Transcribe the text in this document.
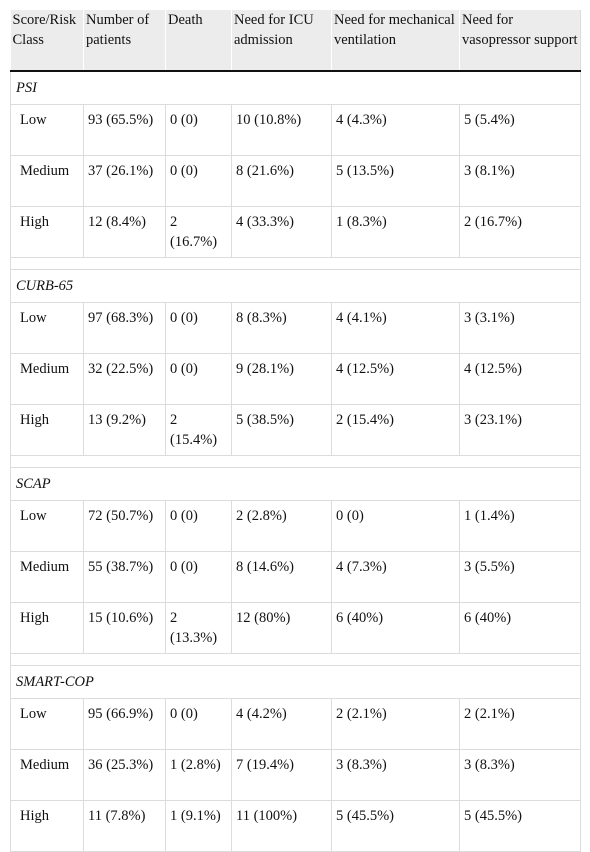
Score/Risk Class	Number of patients	Death	Need for ICU admission	Need for mechanical ventilation	Need for vasopressor support
PSI					
Low	93 (65.5%)	0 (0)	10 (10.8%)	4 (4.3%)	5 (5.4%)
Medium	37 (26.1%)	0 (0)	8 (21.6%)	5 (13.5%)	3 (8.1%)
High	12 (8.4%)	2 (16.7%)	4 (33.3%)	1 (8.3%)	2 (16.7%)

CURB-65					
Low	97 (68.3%)	0 (0)	8 (8.3%)	4 (4.1%)	3 (3.1%)
Medium	32 (22.5%)	0 (0)	9 (28.1%)	4 (12.5%)	4 (12.5%)
High	13 (9.2%)	2 (15.4%)	5 (38.5%)	2 (15.4%)	3 (23.1%)

SCAP					
Low	72 (50.7%)	0 (0)	2 (2.8%)	0 (0)	1 (1.4%)
Medium	55 (38.7%)	0 (0)	8 (14.6%)	4 (7.3%)	3 (5.5%)
High	15 (10.6%)	2 (13.3%)	12 (80%)	6 (40%)	6 (40%)

SMART-COP					
Low	95 (66.9%)	0 (0)	4 (4.2%)	2 (2.1%)	2 (2.1%)
Medium	36 (25.3%)	1 (2.8%)	7 (19.4%)	3 (8.3%)	3 (8.3%)
High	11 (7.8%)	1 (9.1%)	11 (100%)	5 (45.5%)	5 (45.5%)
